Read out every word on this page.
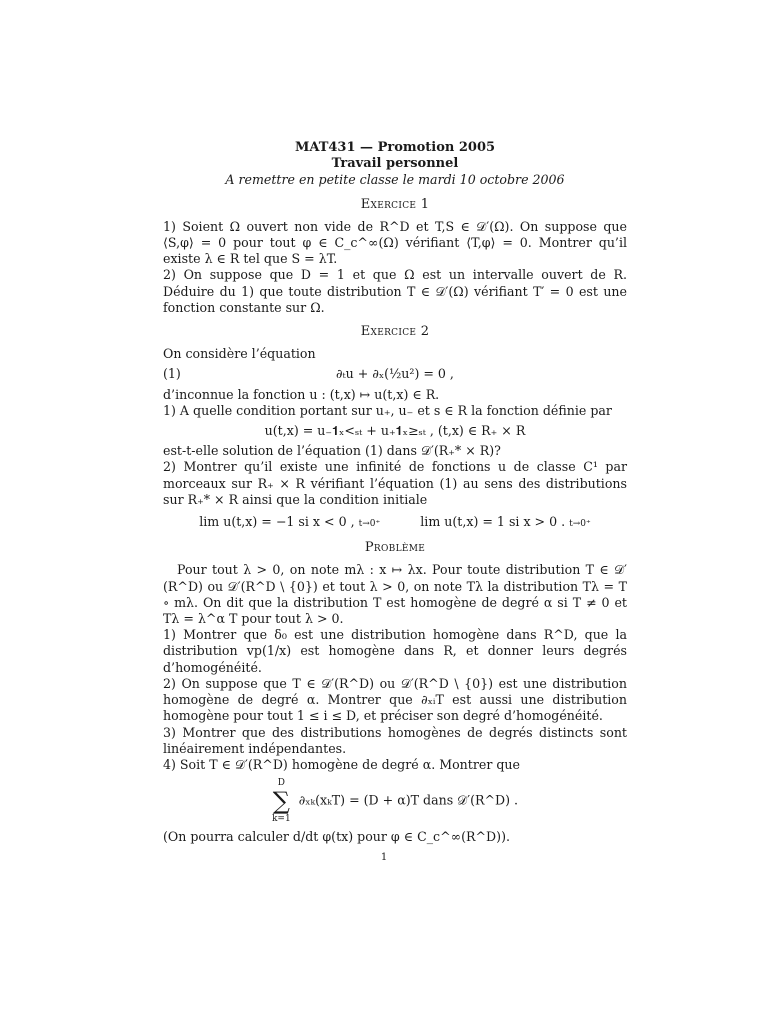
MAT431 — Promotion 2005
Travail personnel
A remettre en petite classe le mardi 10 octobre 2006
Exercice 1

1) Soient Ω ouvert non vide de R^D et T,S ∈ 𝒟′(Ω). On suppose que ⟨S,φ⟩ = 0 pour tout φ ∈ C_c^∞(Ω) vérifiant ⟨T,φ⟩ = 0. Montrer qu’il existe λ ∈ R tel que S = λT.

2) On suppose que D = 1 et que Ω est un intervalle ouvert de R. Déduire du 1) que toute distribution T ∈ 𝒟′(Ω) vérifiant T′ = 0 est une fonction constante sur Ω.

Exercice 2

On considère l’équation

(1)	∂ₜu + ∂ₓ(½u²) = 0 ,

d’inconnue la fonction u : (t,x) ↦ u(t,x) ∈ R.

1) A quelle condition portant sur u₊, u₋ et s ∈ R la fonction définie par

u(t,x) = u₋𝟏ₓ<ₛₜ + u₊𝟏ₓ≥ₛₜ , (t,x) ∈ R₊ × R

est-t-elle solution de l’équation (1) dans 𝒟′(R₊* × R)?

2) Montrer qu’il existe une infinité de fonctions u de classe C¹ par morceaux sur R₊ × R vérifiant l’équation (1) au sens des distributions sur R₊* × R ainsi que la condition initiale

lim u(t,x) = −1 si x < 0 , t→0⁺	lim u(t,x) = 1 si x > 0 . t→0⁺
Problème

Pour tout λ > 0, on note mλ : x ↦ λx. Pour toute distribution T ∈ 𝒟′(R^D) ou 𝒟′(R^D \ {0}) et tout λ > 0, on note Tλ la distribution Tλ = T ∘ mλ. On dit que la distribution T est homogène de degré α si T ≠ 0 et Tλ = λ^α T pour tout λ > 0.

1) Montrer que δ₀ est une distribution homogène dans R^D, que la distribution vp(1/x) est homogène dans R, et donner leurs degrés d’homogénéité.

2) On suppose que T ∈ 𝒟′(R^D) ou 𝒟′(R^D \ {0}) est une distribution homogène de degré α. Montrer que ∂ₓᵢT est aussi une distribution homogène pour tout 1 ≤ i ≤ D, et préciser son degré d’homogénéité.

3) Montrer que des distributions homogènes de degrés distincts sont linéairement indépendantes.

4) Soit T ∈ 𝒟′(R^D) homogène de degré α. Montrer que

D
∑
k=1
∂ₓₖ(xₖT) = (D + α)T dans 𝒟′(R^D) .

(On pourra calculer d/dt φ(tx) pour φ ∈ C_c^∞(R^D)).

1
